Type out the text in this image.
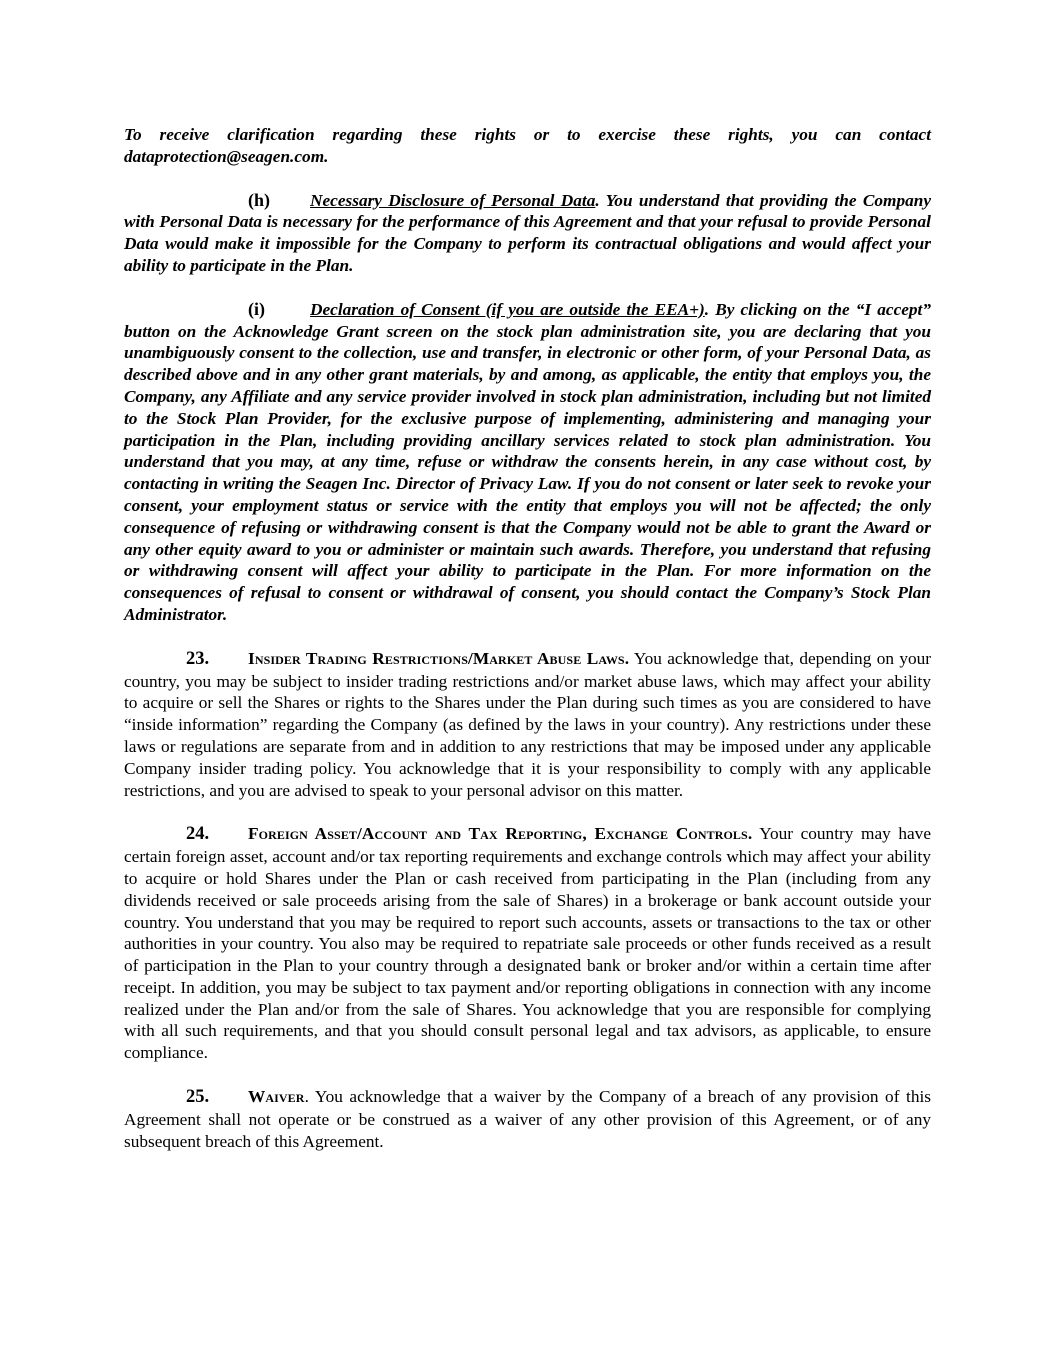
To receive clarification regarding these rights or to exercise these rights, you can contact dataprotection@seagen.com.

(h) Necessary Disclosure of Personal Data. You understand that providing the Company with Personal Data is necessary for the performance of this Agreement and that your refusal to provide Personal Data would make it impossible for the Company to perform its contractual obligations and would affect your ability to participate in the Plan.

(i)	Declaration of Consent (if you are outside the EEA+). By clicking on the “I accept” button on the Acknowledge Grant screen on the stock plan administration site, you are declaring that you unambiguously consent to the collection, use and transfer, in electronic or other form, of your Personal Data, as described above and in any other grant materials, by and among, as applicable, the entity that employs you, the Company, any Affiliate and any service provider involved in stock plan administration, including but not limited to the Stock Plan Provider, for the exclusive purpose of implementing, administering and managing your participation in the Plan, including providing ancillary services related to stock plan administration. You understand that you may, at any time, refuse or withdraw the consents herein, in any case without cost, by contacting in writing the Seagen Inc. Director of Privacy Law. If you do not consent or later seek to revoke your consent, your employment status or service with the entity that employs you will not be affected; the only consequence of refusing or withdrawing consent is that the Company would not be able to grant the Award or any other equity award to you or administer or maintain such awards. Therefore, you understand that refusing or withdrawing consent will affect your ability to participate in the Plan. For more information on the consequences of refusal to consent or withdrawal of consent, you should contact the Company’s Stock Plan Administrator.

23. Insider Trading Restrictions/Market Abuse Laws. You acknowledge that, depending on your country, you may be subject to insider trading restrictions and/or market abuse laws, which may affect your ability to acquire or sell the Shares or rights to the Shares under the Plan during such times as you are considered to have “inside information” regarding the Company (as defined by the laws in your country). Any restrictions under these laws or regulations are separate from and in addition to any restrictions that may be imposed under any applicable Company insider trading policy. You acknowledge that it is your responsibility to comply with any applicable restrictions, and you are advised to speak to your personal advisor on this matter.

24. Foreign Asset/Account and Tax Reporting, Exchange Controls. Your country may have certain foreign asset, account and/or tax reporting requirements and exchange controls which may affect your ability to acquire or hold Shares under the Plan or cash received from participating in the Plan (including from any dividends received or sale proceeds arising from the sale of Shares) in a brokerage or bank account outside your country. You understand that you may be required to report such accounts, assets or transactions to the tax or other authorities in your country. You also may be required to repatriate sale proceeds or other funds received as a result of participation in the Plan to your country through a designated bank or broker and/or within a certain time after receipt. In addition, you may be subject to tax payment and/or reporting obligations in connection with any income realized under the Plan and/or from the sale of Shares. You acknowledge that you are responsible for complying with all such requirements, and that you should consult personal legal and tax advisors, as applicable, to ensure compliance.

25. Waiver. You acknowledge that a waiver by the Company of a breach of any provision of this Agreement shall not operate or be construed as a waiver of any other provision of this Agreement, or of any subsequent breach of this Agreement.
